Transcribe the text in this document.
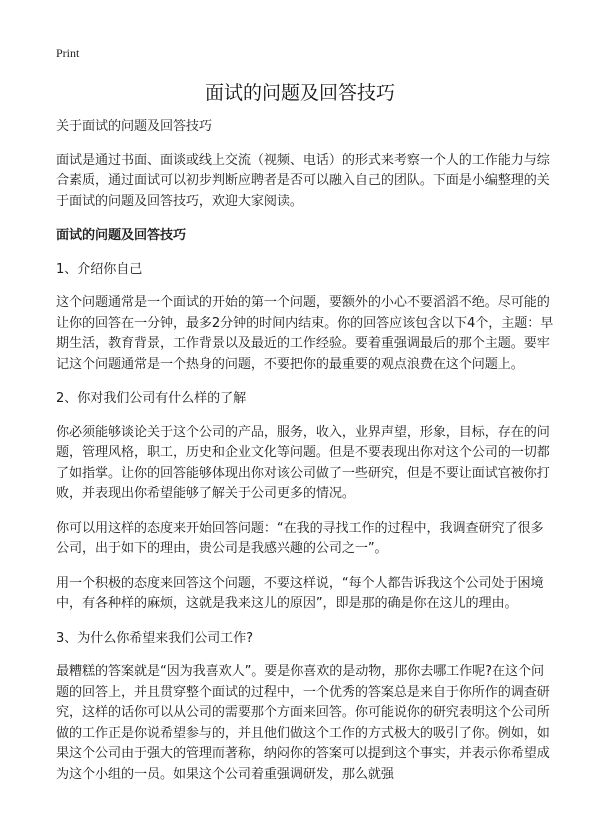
Print
面试的问题及回答技巧

关于面试的问题及回答技巧

面试是通过书面、面谈或线上交流（视频、电话）的形式来考察一个人的工作能力与综合素质，通过面试可以初步判断应聘者是否可以融入自己的团队。下面是小编整理的关于面试的问题及回答技巧，欢迎大家阅读。

面试的问题及回答技巧

1、介绍你自己

这个问题通常是一个面试的开始的第一个问题，要额外的小心不要滔滔不绝。尽可能的让你的回答在一分钟，最多2分钟的时间内结束。你的回答应该包含以下4个，主题：早期生活，教育背景，工作背景以及最近的工作经验。要着重强调最后的那个主题。要牢记这个问题通常是一个热身的问题，不要把你的最重要的观点浪费在这个问题上。

2、你对我们公司有什么样的了解

你必须能够谈论关于这个公司的产品，服务，收入，业界声望，形象，目标，存在的问题，管理风格，职工，历史和企业文化等问题。但是不要表现出你对这个公司的一切都了如指掌。让你的回答能够体现出你对该公司做了一些研究，但是不要让面试官被你打败，并表现出你希望能够了解关于公司更多的情况。

你可以用这样的态度来开始回答问题：“在我的寻找工作的过程中，我调查研究了很多公司，出于如下的理由，贵公司是我感兴趣的公司之一”。

用一个积极的态度来回答这个问题，不要这样说，“每个人都告诉我这个公司处于困境中，有各种样的麻烦，这就是我来这儿的原因”，即是那的确是你在这儿的理由。

3、为什么你希望来我们公司工作?

最糟糕的答案就是“因为我喜欢人”。要是你喜欢的是动物，那你去哪工作呢?在这个问题的回答上，并且贯穿整个面试的过程中，一个优秀的答案总是来自于你所作的调查研究，这样的话你可以从公司的需要那个方面来回答。你可能说你的研究表明这个公司所做的工作正是你说希望参与的，并且他们做这个工作的方式极大的吸引了你。例如，如果这个公司由于强大的管理而著称，纳闷你的答案可以提到这个事实，并表示你希望成为这个小组的一员。如果这个公司着重强调研发，那么就强
